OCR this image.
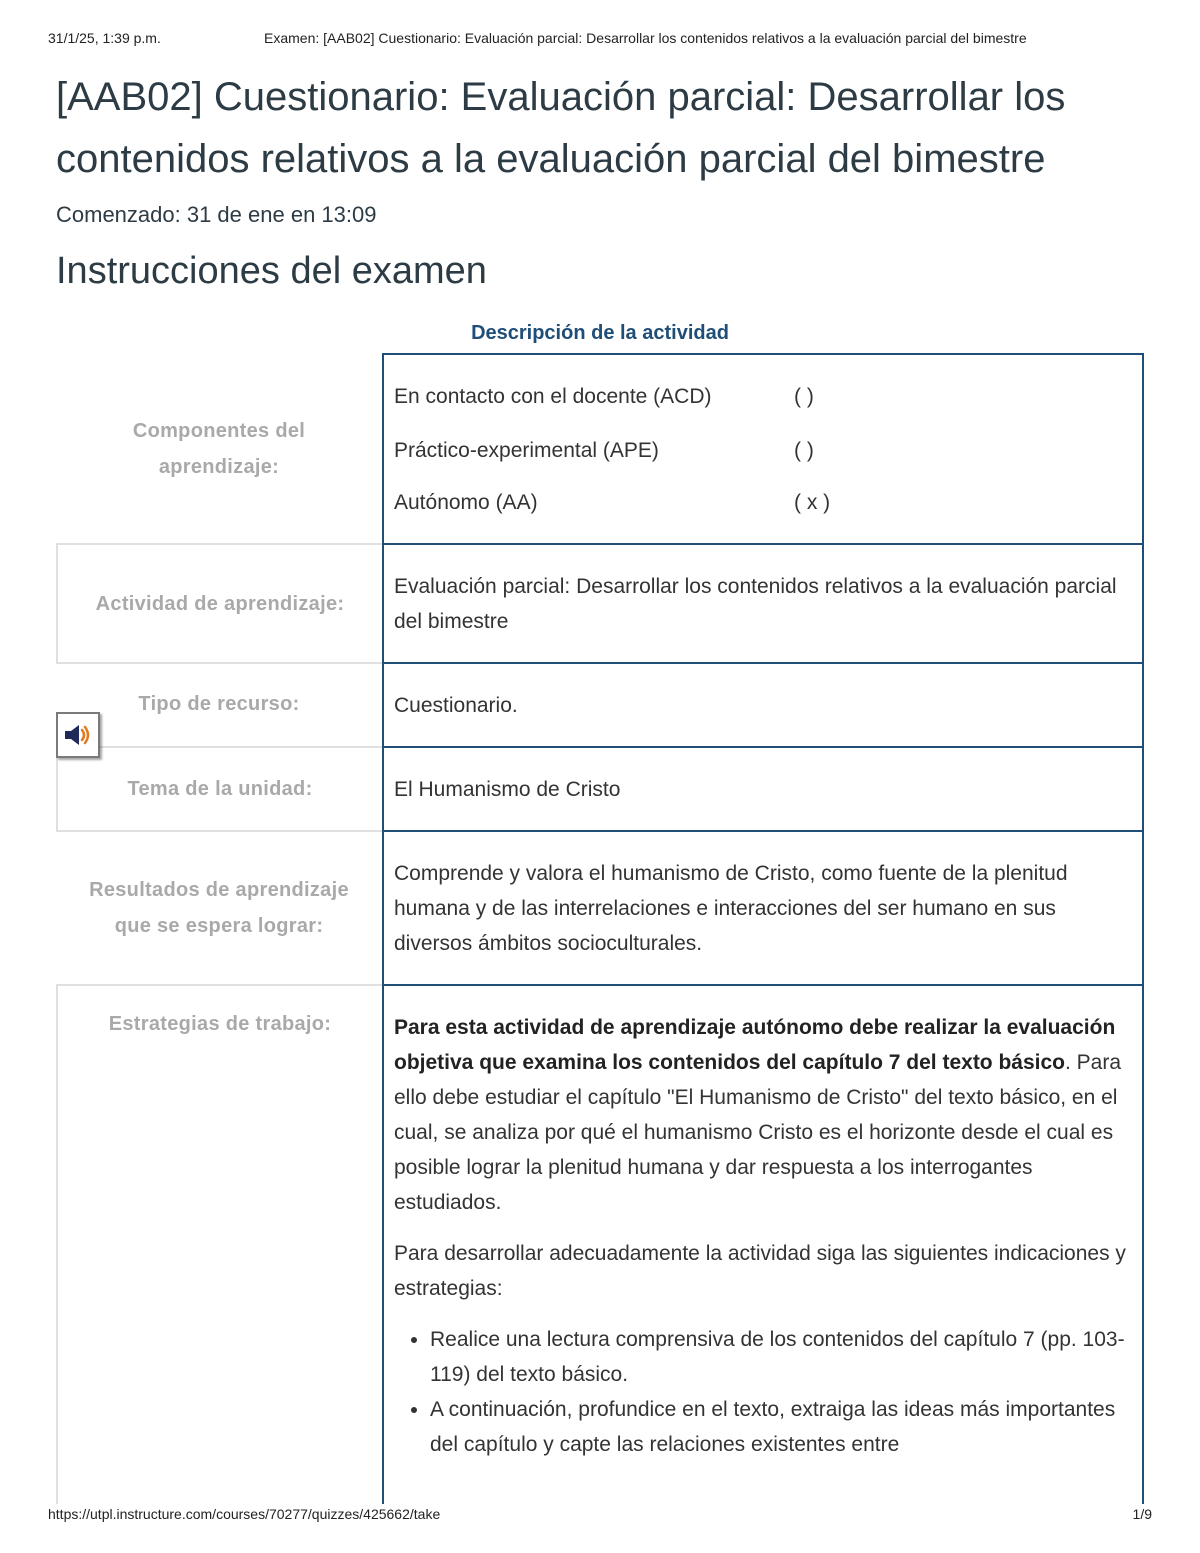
31/1/25, 1:39 p.m.	Examen: [AAB02] Cuestionario: Evaluación parcial: Desarrollar los contenidos relativos a la evaluación parcial del bimestre
[AAB02] Cuestionario: Evaluación parcial: Desarrollar los
contenidos relativos a la evaluación parcial del bimestre
Comenzado: 31 de ene en 13:09
Instrucciones del examen
Descripción de la actividad
Componentes del
aprendizaje:
En contacto con el docente (ACD)	( )
Práctico-experimental (APE)	( )
Autónomo (AA)	( x )
Actividad de aprendizaje:
Evaluación parcial: Desarrollar los contenidos relativos a la evaluación parcial del bimestre
Tipo de recurso:	Cuestionario.
Tema de la unidad:	El Humanismo de Cristo
Resultados de aprendizaje
que se espera lograr:
Comprende y valora el humanismo de Cristo, como fuente de la plenitud humana y de las interrelaciones e interacciones del ser humano en sus diversos ámbitos socioculturales.
Estrategias de trabajo:	Para esta actividad de aprendizaje autónomo debe realizar la evaluación objetiva que examina los contenidos del capítulo 7 del texto básico. Para ello debe estudiar el capítulo "El Humanismo de Cristo" del texto básico, en el cual, se analiza por qué el humanismo Cristo es el horizonte desde el cual es posible lograr la plenitud humana y dar respuesta a los interrogantes estudiados.

Para desarrollar adecuadamente la actividad siga las siguientes indicaciones y estrategias:

• Realice una lectura comprensiva de los contenidos del capítulo 7 (pp. 103-119) del texto básico.
• A continuación, profundice en el texto, extraiga las ideas más importantes del capítulo y capte las relaciones existentes entre
https://utpl.instructure.com/courses/70277/quizzes/425662/take	1/9
